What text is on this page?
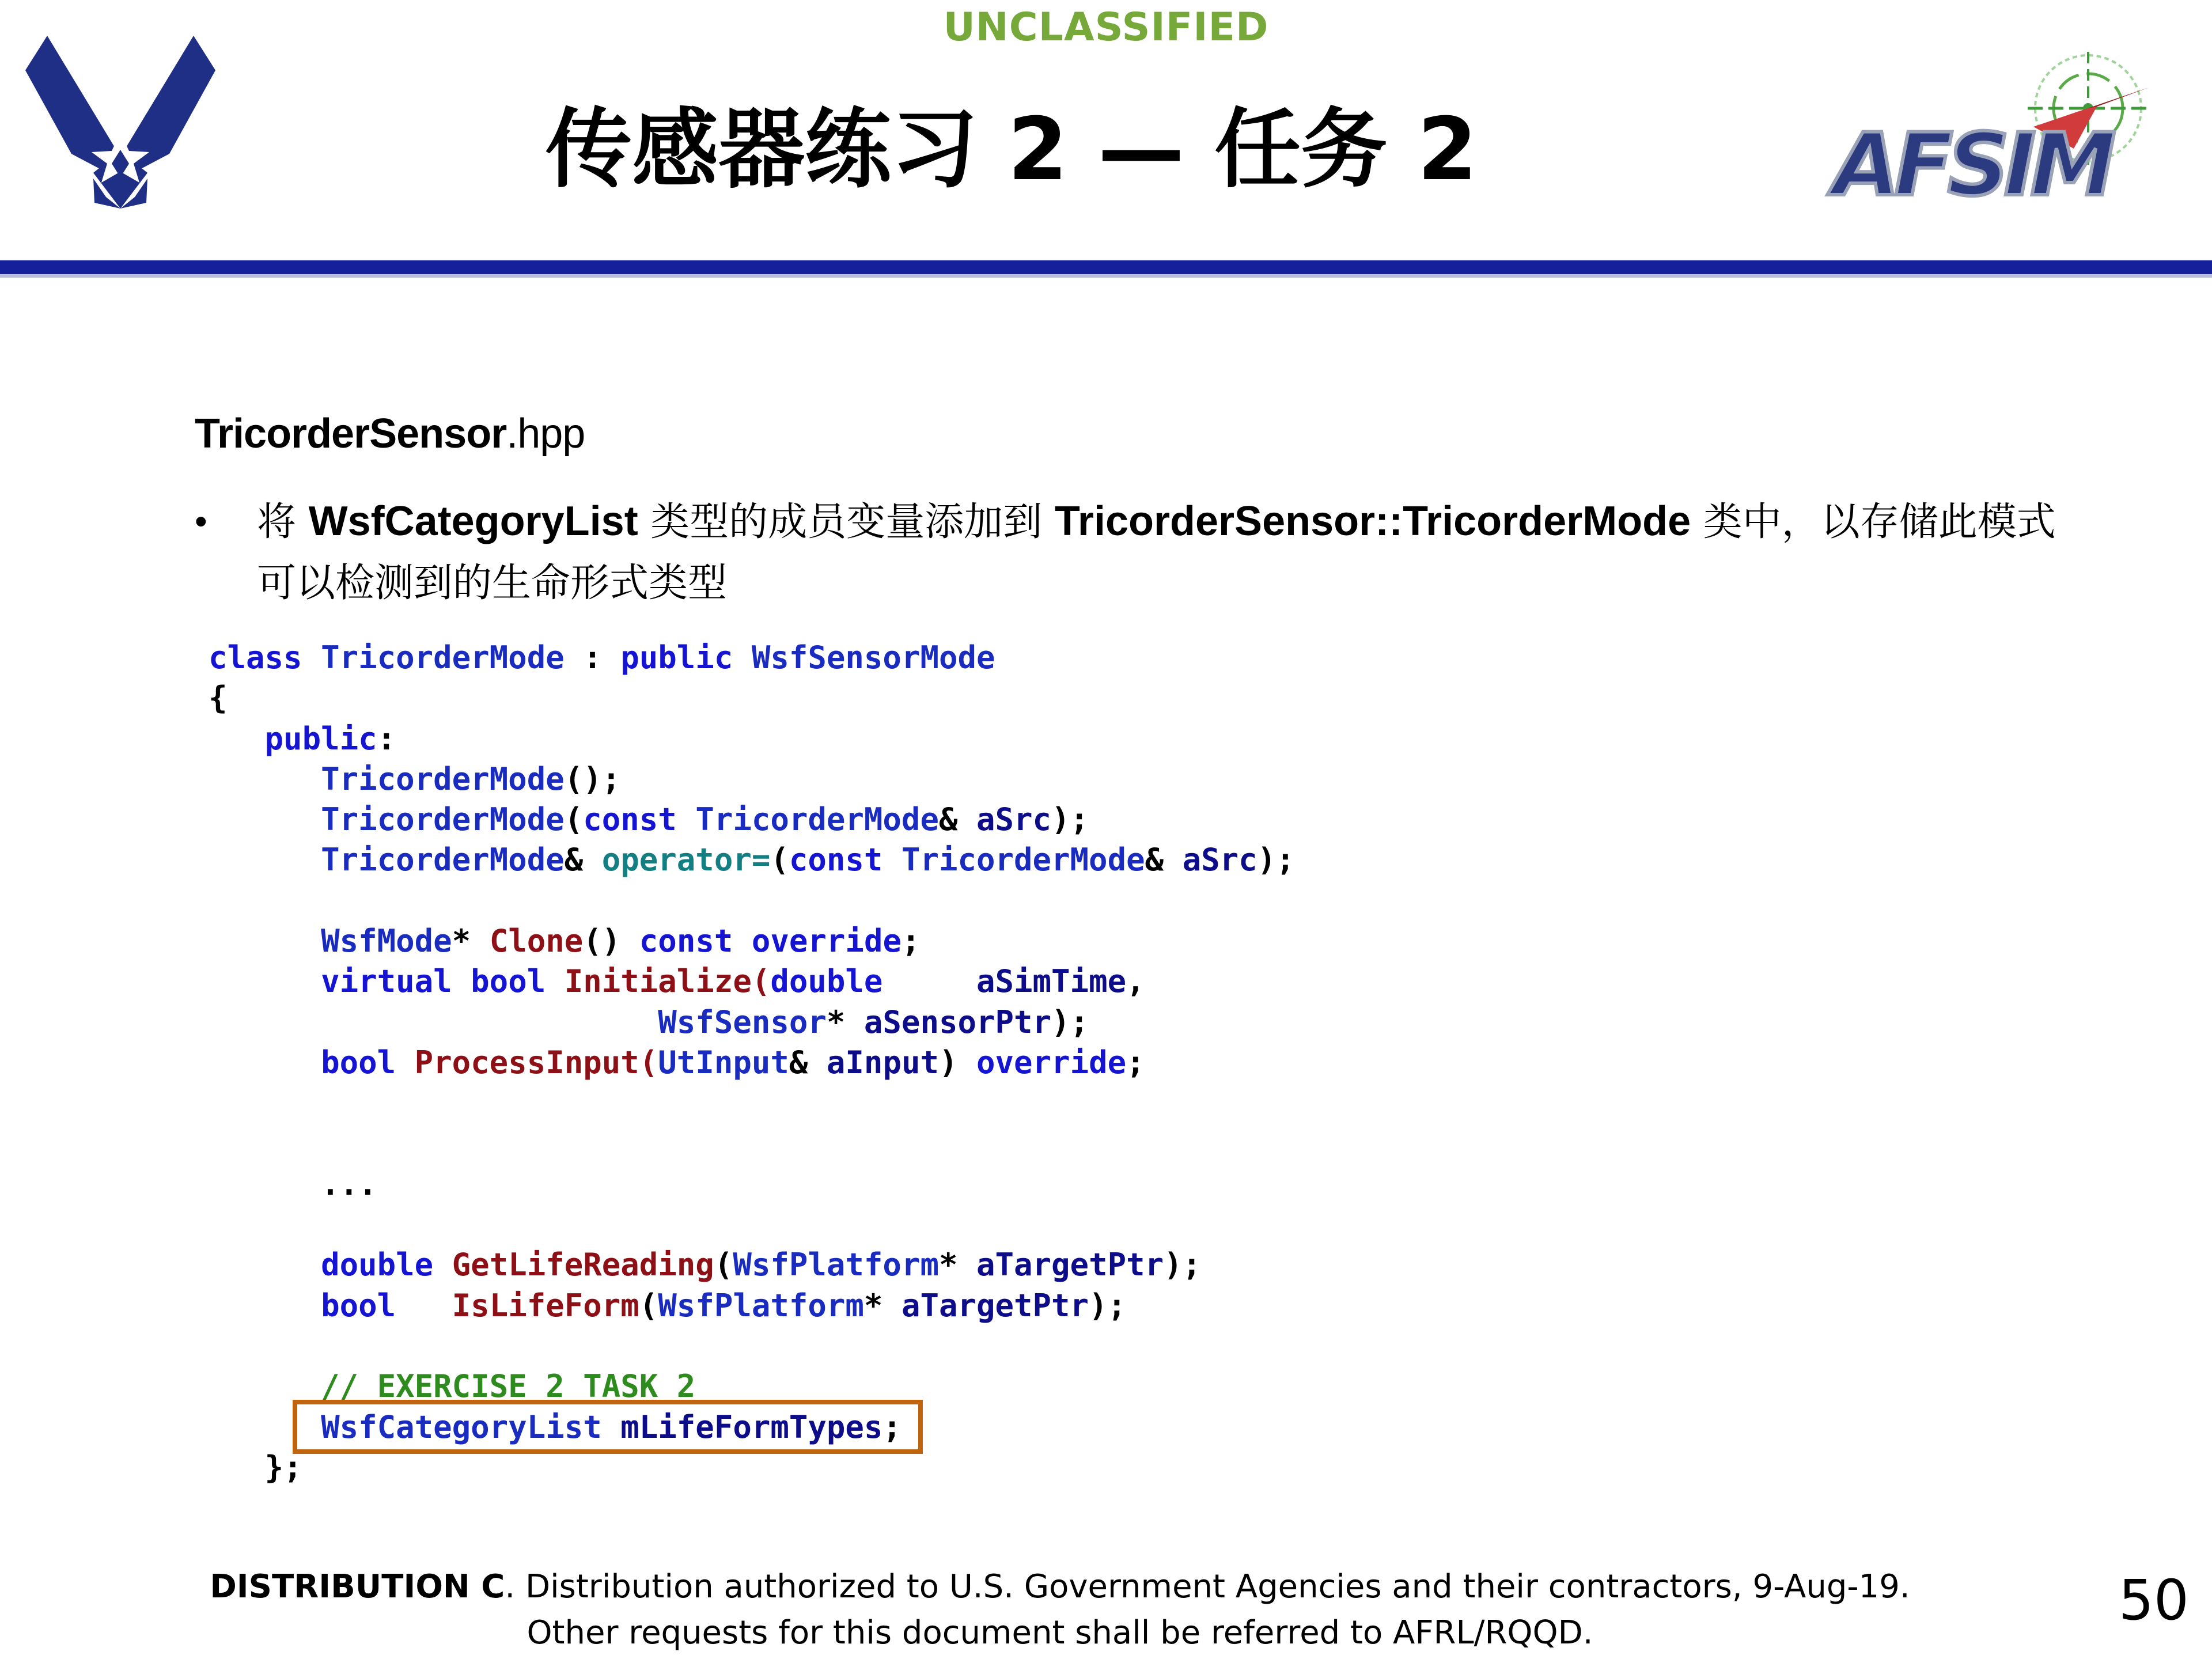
UNCLASSIFIED
传感器练习 2 — 任务 2	AFSIM
TricorderSensor.hpp
• 将 WsfCategoryList 类型的成员变量添加到 TricorderSensor::TricorderMode 类中，以存储此模式可以检测到的生命形式类型
class TricorderMode : public WsfSensorMode
{
public:
TricorderMode();
TricorderMode(const TricorderMode& aSrc);
TricorderMode& operator=(const TricorderMode& aSrc);

WsfMode* Clone() const override;
virtual bool Initialize(double	aSimTime,
WsfSensor* aSensorPtr);
bool ProcessInput(UtInput& aInput) override;

...

double GetLifeReading(WsfPlatform* aTargetPtr);
bool IsLifeForm(WsfPlatform* aTargetPtr);

// EXERCISE 2 TASK 2
WsfCategoryList mLifeFormTypes;
};
DISTRIBUTION C. Distribution authorized to U.S. Government Agencies and their contractors, 9-Aug-19.
Other requests for this document shall be referred to AFRL/RQQD.
50
